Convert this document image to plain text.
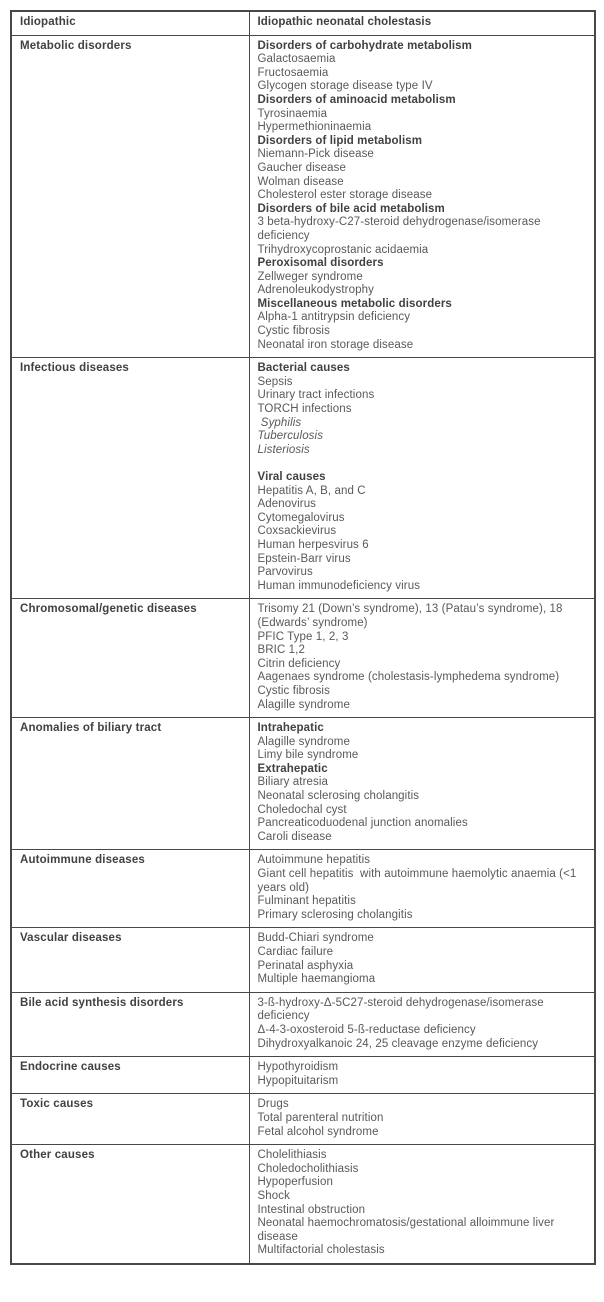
Idiopathic	Idiopathic neonatal cholestasis

Metabolic disorders	Disorders of carbohydrate metabolism
Galactosaemia
Fructosaemia
Glycogen storage disease type IV
Disorders of aminoacid metabolism
Tyrosinaemia
Hypermethioninaemia
Disorders of lipid metabolism
Niemann-Pick disease
Gaucher disease
Wolman disease
Cholesterol ester storage disease
Disorders of bile acid metabolism
3 beta-hydroxy-C27-steroid dehydrogenase/isomerase deficiency
Trihydroxycoprostanic acidaemia
Peroxisomal disorders
Zellweger syndrome
Adrenoleukodystrophy
Miscellaneous metabolic disorders
Alpha-1 antitrypsin deficiency
Cystic fibrosis
Neonatal iron storage disease

Infectious diseases	Bacterial causes
Sepsis
Urinary tract infections
TORCH infections
Syphilis
Tuberculosis
Listeriosis

Viral causes
Hepatitis A, B, and C
Adenovirus
Cytomegalovirus
Coxsackievirus
Human herpesvirus 6
Epstein-Barr virus
Parvovirus
Human immunodeficiency virus

Chromosomal/genetic diseases	Trisomy 21 (Down’s syndrome), 13 (Patau’s syndrome), 18 (Edwards’ syndrome)
PFIC Type 1, 2, 3
BRIC 1,2
Citrin deficiency
Aagenaes syndrome (cholestasis-lymphedema syndrome)
Cystic fibrosis
Alagille syndrome

Anomalies of biliary tract	Intrahepatic
Alagille syndrome
Limy bile syndrome
Extrahepatic
Biliary atresia
Neonatal sclerosing cholangitis
Choledochal cyst
Pancreaticoduodenal junction anomalies
Caroli disease

Autoimmune diseases	Autoimmune hepatitis
Giant cell hepatitis  with autoimmune haemolytic anaemia (<1 years old)
Fulminant hepatitis
Primary sclerosing cholangitis

Vascular diseases	Budd-Chiari syndrome
Cardiac failure
Perinatal asphyxia
Multiple haemangioma

Bile acid synthesis disorders	3-ß-hydroxy-Δ-5C27-steroid dehydrogenase/isomerase deficiency
Δ-4-3-oxosteroid 5-ß-reductase deficiency
Dihydroxyalkanoic 24, 25 cleavage enzyme deficiency

Endocrine causes	Hypothyroidism
Hypopituitarism

Toxic causes	Drugs
Total parenteral nutrition
Fetal alcohol syndrome

Other causes	Cholelithiasis
Choledocholithiasis
Hypoperfusion
Shock
Intestinal obstruction
Neonatal haemochromatosis/gestational alloimmune liver disease
Multifactorial cholestasis
